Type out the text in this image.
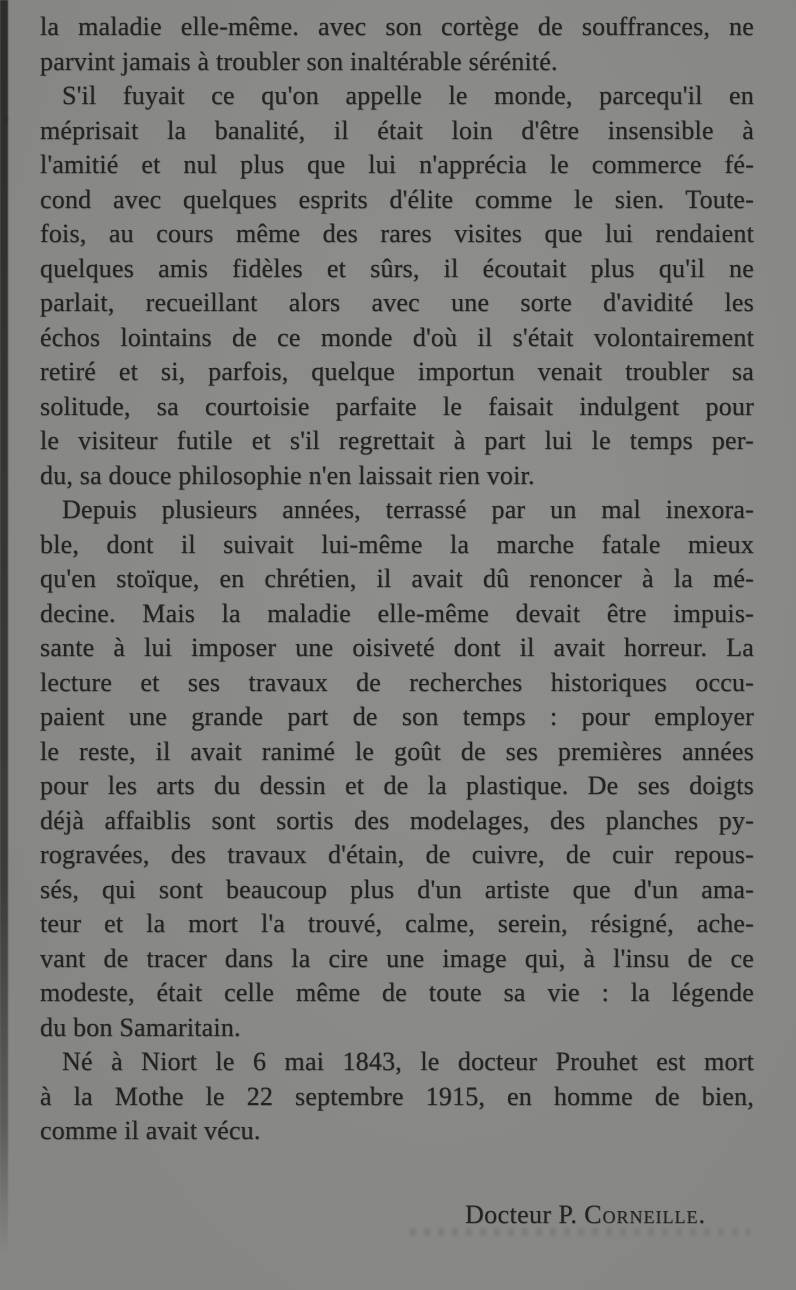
la maladie elle-même. avec son cortège de souffrances, ne
parvint jamais à troubler son inaltérable sérénité.
S'il fuyait ce qu'on appelle le monde, parcequ'il en
méprisait la banalité, il était loin d'être insensible à
l'amitié et nul plus que lui n'apprécia le commerce fé-
cond avec quelques esprits d'élite comme le sien. Toute-
fois, au cours même des rares visites que lui rendaient
quelques amis fidèles et sûrs, il écoutait plus qu'il ne
parlait, recueillant alors avec une sorte d'avidité les
échos lointains de ce monde d'où il s'était volontairement
retiré et si, parfois, quelque importun venait troubler sa
solitude, sa courtoisie parfaite le faisait indulgent pour
le visiteur futile et s'il regrettait à part lui le temps per-
du, sa douce philosophie n'en laissait rien voir.
Depuis plusieurs années, terrassé par un mal inexora-
ble, dont il suivait lui-même la marche fatale mieux
qu'en stoïque, en chrétien, il avait dû renoncer à la mé-
decine. Mais la maladie elle-même devait être impuis-
sante à lui imposer une oisiveté dont il avait horreur. La
lecture et ses travaux de recherches historiques occu-
paient une grande part de son temps : pour employer
le reste, il avait ranimé le goût de ses premières années
pour les arts du dessin et de la plastique. De ses doigts
déjà affaiblis sont sortis des modelages, des planches py-
rogravées, des travaux d'étain, de cuivre, de cuir repous-
sés, qui sont beaucoup plus d'un artiste que d'un ama-
teur et la mort l'a trouvé, calme, serein, résigné, ache-
vant de tracer dans la cire une image qui, à l'insu de ce
modeste, était celle même de toute sa vie : la légende
du bon Samaritain.
Né à Niort le 6 mai 1843, le docteur Prouhet est mort
à la Mothe le 22 septembre 1915, en homme de bien,
comme il avait vécu.
Docteur P. Corneille.
